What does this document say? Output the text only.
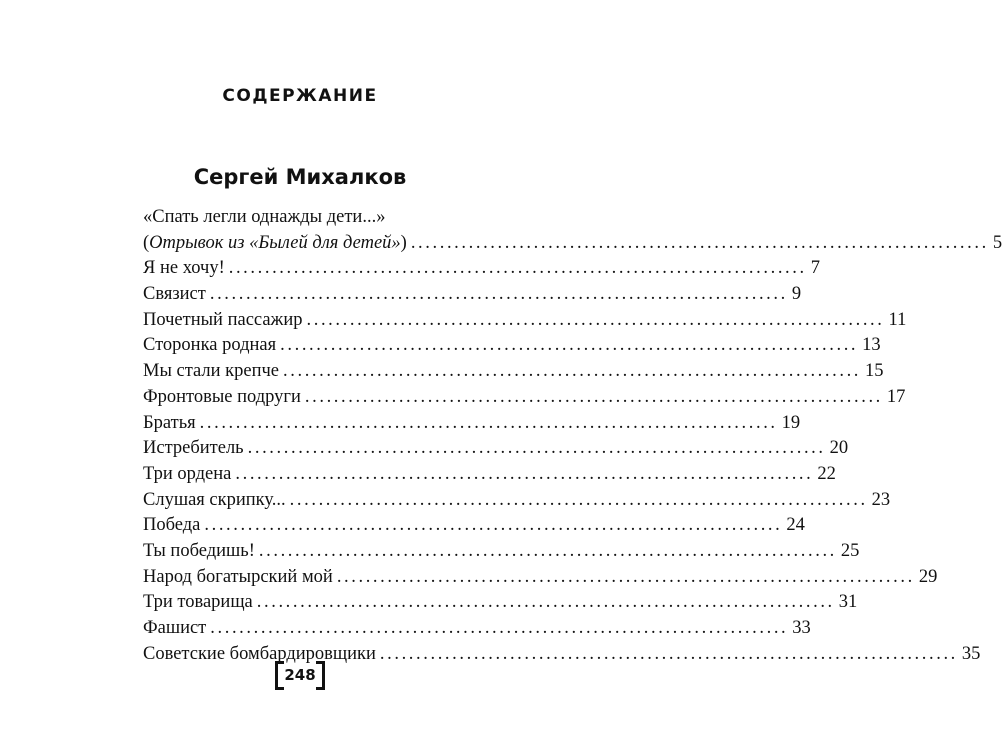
СОДЕРЖАНИЕ
Сергей Михалков
«Спать легли однажды дети...»
(Отрывок из «Былей для детей») ................................................................................ 5
Я не хочу! ................................................................................ 7
Связист ................................................................................ 9
Почетный пассажир ................................................................................ 11
Сторонка родная ................................................................................ 13
Мы стали крепче ................................................................................ 15
Фронтовые подруги ................................................................................ 17
Братья ................................................................................ 19
Истребитель ................................................................................ 20
Три ордена ................................................................................ 22
Слушая скрипку... ................................................................................ 23
Победа ................................................................................ 24
Ты победишь! ................................................................................ 25
Народ богатырский мой ................................................................................ 29
Три товарища ................................................................................ 31
Фашист ................................................................................ 33
Советские бомбардировщики ................................................................................ 35
248
